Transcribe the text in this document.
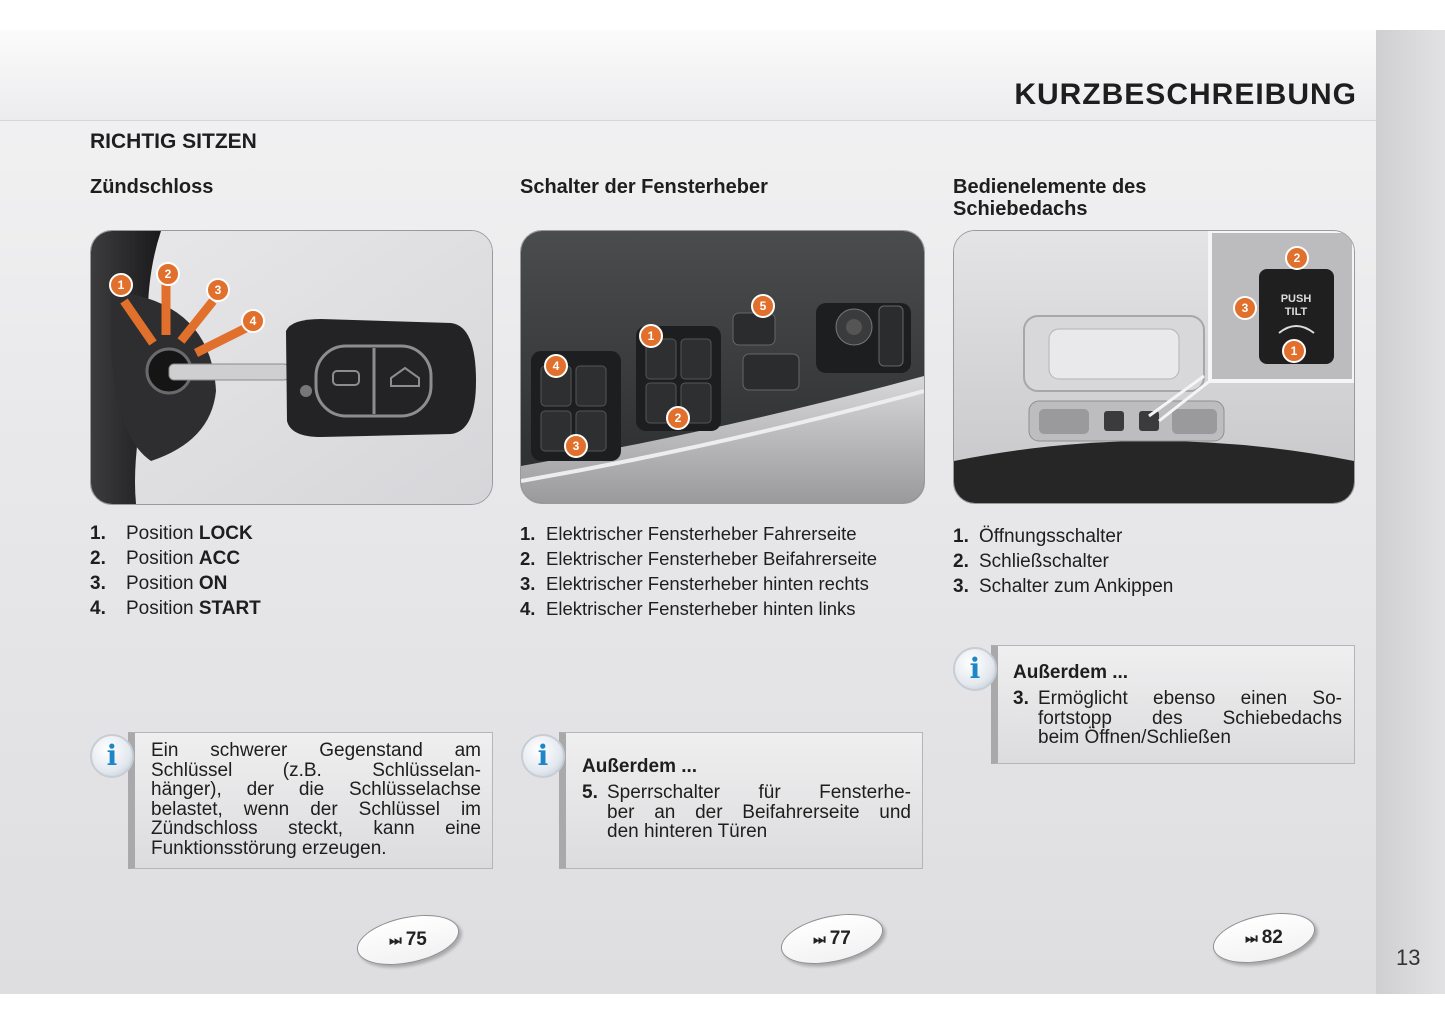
KURZBESCHREIBUNG
RICHTIG SITZEN
13
Zündschloss	Schalter der Fensterheber	Bedienelemente des
Schiebedachs
1
2
3
4
1
2
3
4
5	PUSH
TILT
1
2
3
1. Position LOCK
2. Position ACC
3. Position ON
4. Position START
1. Elektrischer Fensterheber Fahrerseite
2. Elektrischer Fensterheber Beifahrerseite
3. Elektrischer Fensterheber hinten rechts
4. Elektrischer Fensterheber hinten links
1. Öffnungsschalter
2. Schließschalter
3. Schalter zum Ankippen
i	Ein schwerer Gegenstand am
Schlüssel (z.B. Schlüsselan-
hänger), der die Schlüsselachse
belastet, wenn der Schlüssel im
Zündschloss steckt, kann eine
Funktionsstörung erzeugen.
i	Außerdem ...
5. Sperrschalter für Fensterhe-
ber an der Beifahrerseite und
den hinteren Türen
i	Außerdem ...
3. Ermöglicht ebenso einen So-
fortstopp des Schiebedachs
beim Öffnen/Schließen
⏭ 75	⏭ 77	⏭ 82
